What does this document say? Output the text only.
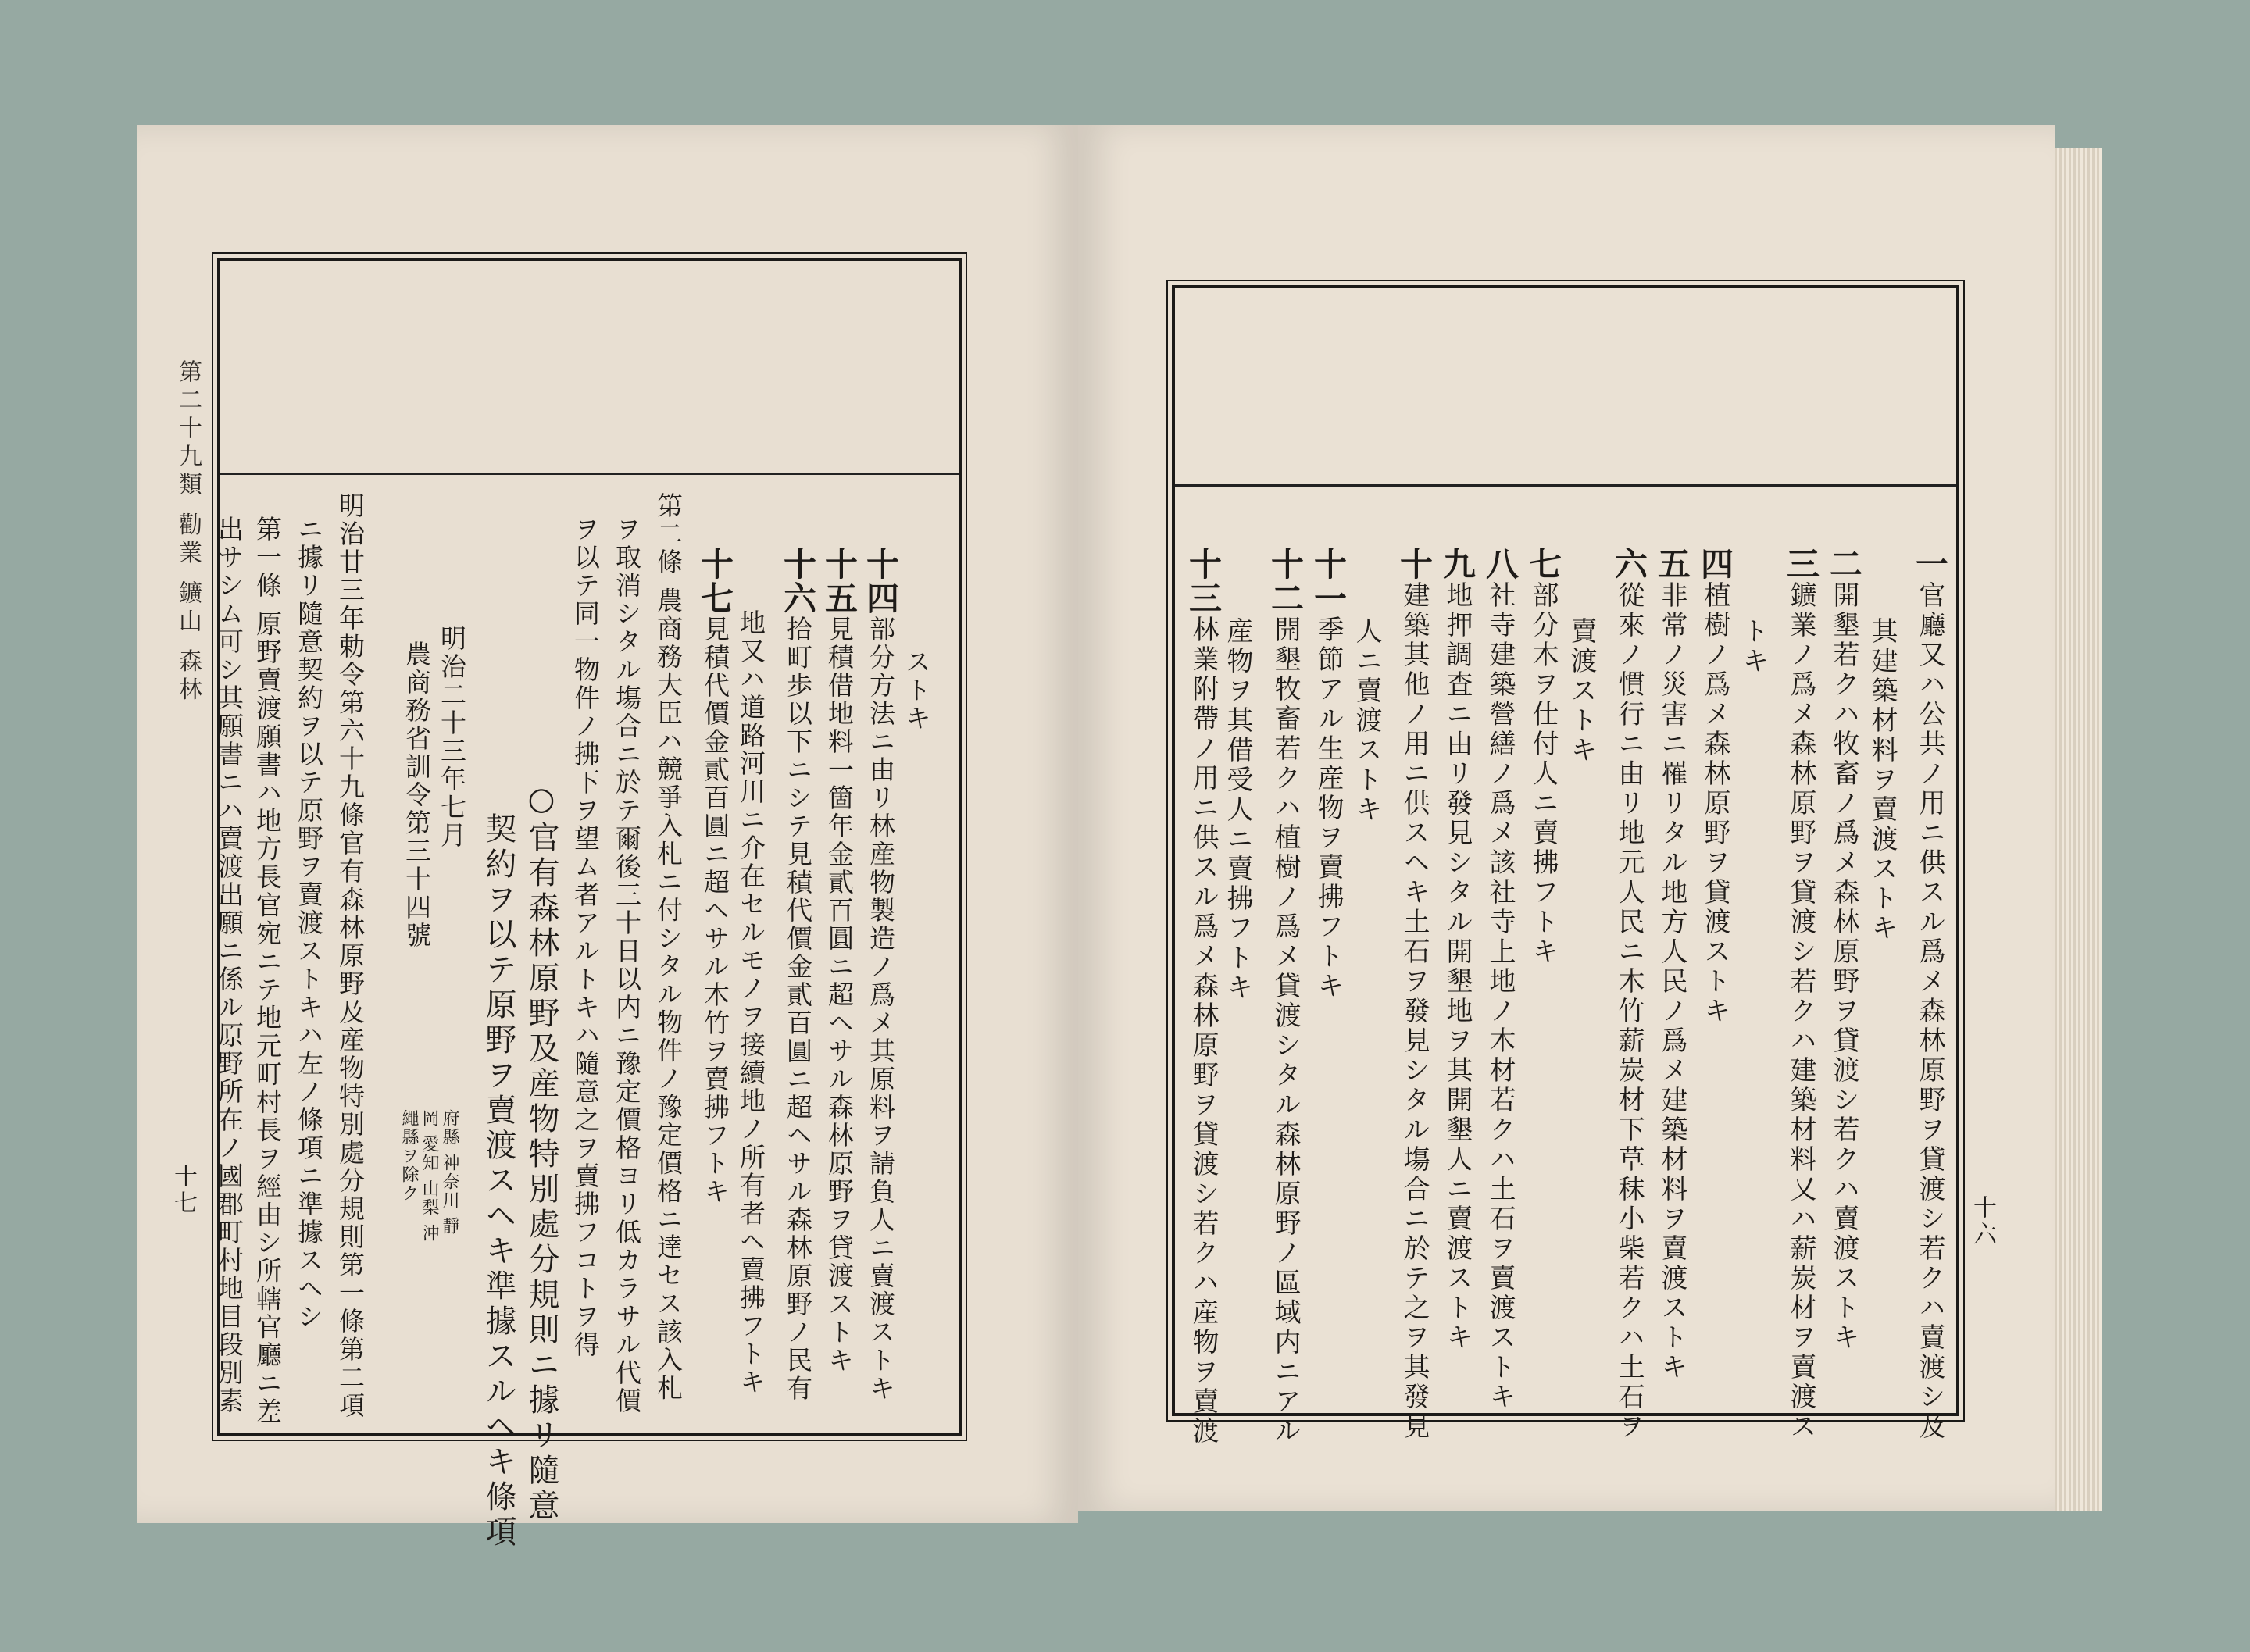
第二十九類 勸業 鑛山 森林
十七
十六
ストキ
十四部分方法ニ由リ林産物製造ノ爲メ其原料ヲ請負人ニ賣渡ストキ
十五見積借地料一箇年金貳百圓ニ超ヘサル森林原野ヲ貸渡ストキ
十六拾町歩以下ニシテ見積代價金貳百圓ニ超ヘサル森林原野ノ民有
地又ハ道路河川ニ介在セルモノヲ接續地ノ所有者ヘ賣拂フトキ
十七見積代價金貳百圓ニ超ヘサル木竹ヲ賣拂フトキ
第二條 農商務大臣ハ競爭入札ニ付シタル物件ノ豫定價格ニ達セス該入札
ヲ取消シタル塲合ニ於テ爾後三十日以内ニ豫定價格ヨリ低カラサル代價
ヲ以テ同一物件ノ拂下ヲ望ム者アルトキハ隨意之ヲ賣拂フコトヲ得
○官有森林原野及産物特別處分規則ニ據リ隨意
契約ヲ以テ原野ヲ賣渡スヘキ準據スルヘキ條項
明治二十三年七月
農商務省訓令第三十四號
府縣 神奈川 靜岡 愛知 山梨 沖繩縣ヲ除ク
明治廿三年勅令第六十九條官有森林原野及産物特別處分規則第一條第二項
ニ據リ隨意契約ヲ以テ原野ヲ賣渡ストキハ左ノ條項ニ準據スヘシ
第一條 原野賣渡願書ハ地方長官宛ニテ地元町村長ヲ經由シ所轄官廳ニ差
出サシム可シ其願書ニハ賣渡出願ニ係ル原野所在ノ國郡町村地目段別素	一官廳又ハ公共ノ用ニ供スル爲メ森林原野ヲ貸渡シ若クハ賣渡シ及
其建築材料ヲ賣渡ストキ
二開墾若クハ牧畜ノ爲メ森林原野ヲ貸渡シ若クハ賣渡ストキ
三鑛業ノ爲メ森林原野ヲ貸渡シ若クハ建築材料又ハ薪炭材ヲ賣渡ス
トキ
四植樹ノ爲メ森林原野ヲ貸渡ストキ
五非常ノ災害ニ罹リタル地方人民ノ爲メ建築材料ヲ賣渡ストキ
六從來ノ慣行ニ由リ地元人民ニ木竹薪炭材下草秣小柴若クハ土石ヲ
賣渡ストキ
七部分木ヲ仕付人ニ賣拂フトキ
八社寺建築營繕ノ爲メ該社寺上地ノ木材若クハ土石ヲ賣渡ストキ
九地押調査ニ由リ發見シタル開墾地ヲ其開墾人ニ賣渡ストキ
十建築其他ノ用ニ供スヘキ土石ヲ發見シタル塲合ニ於テ之ヲ其發見
人ニ賣渡ストキ
十一季節アル生産物ヲ賣拂フトキ
十二開墾牧畜若クハ植樹ノ爲メ貸渡シタル森林原野ノ區域内ニアル
産物ヲ其借受人ニ賣拂フトキ
十三林業附帶ノ用ニ供スル爲メ森林原野ヲ貸渡シ若クハ産物ヲ賣渡
